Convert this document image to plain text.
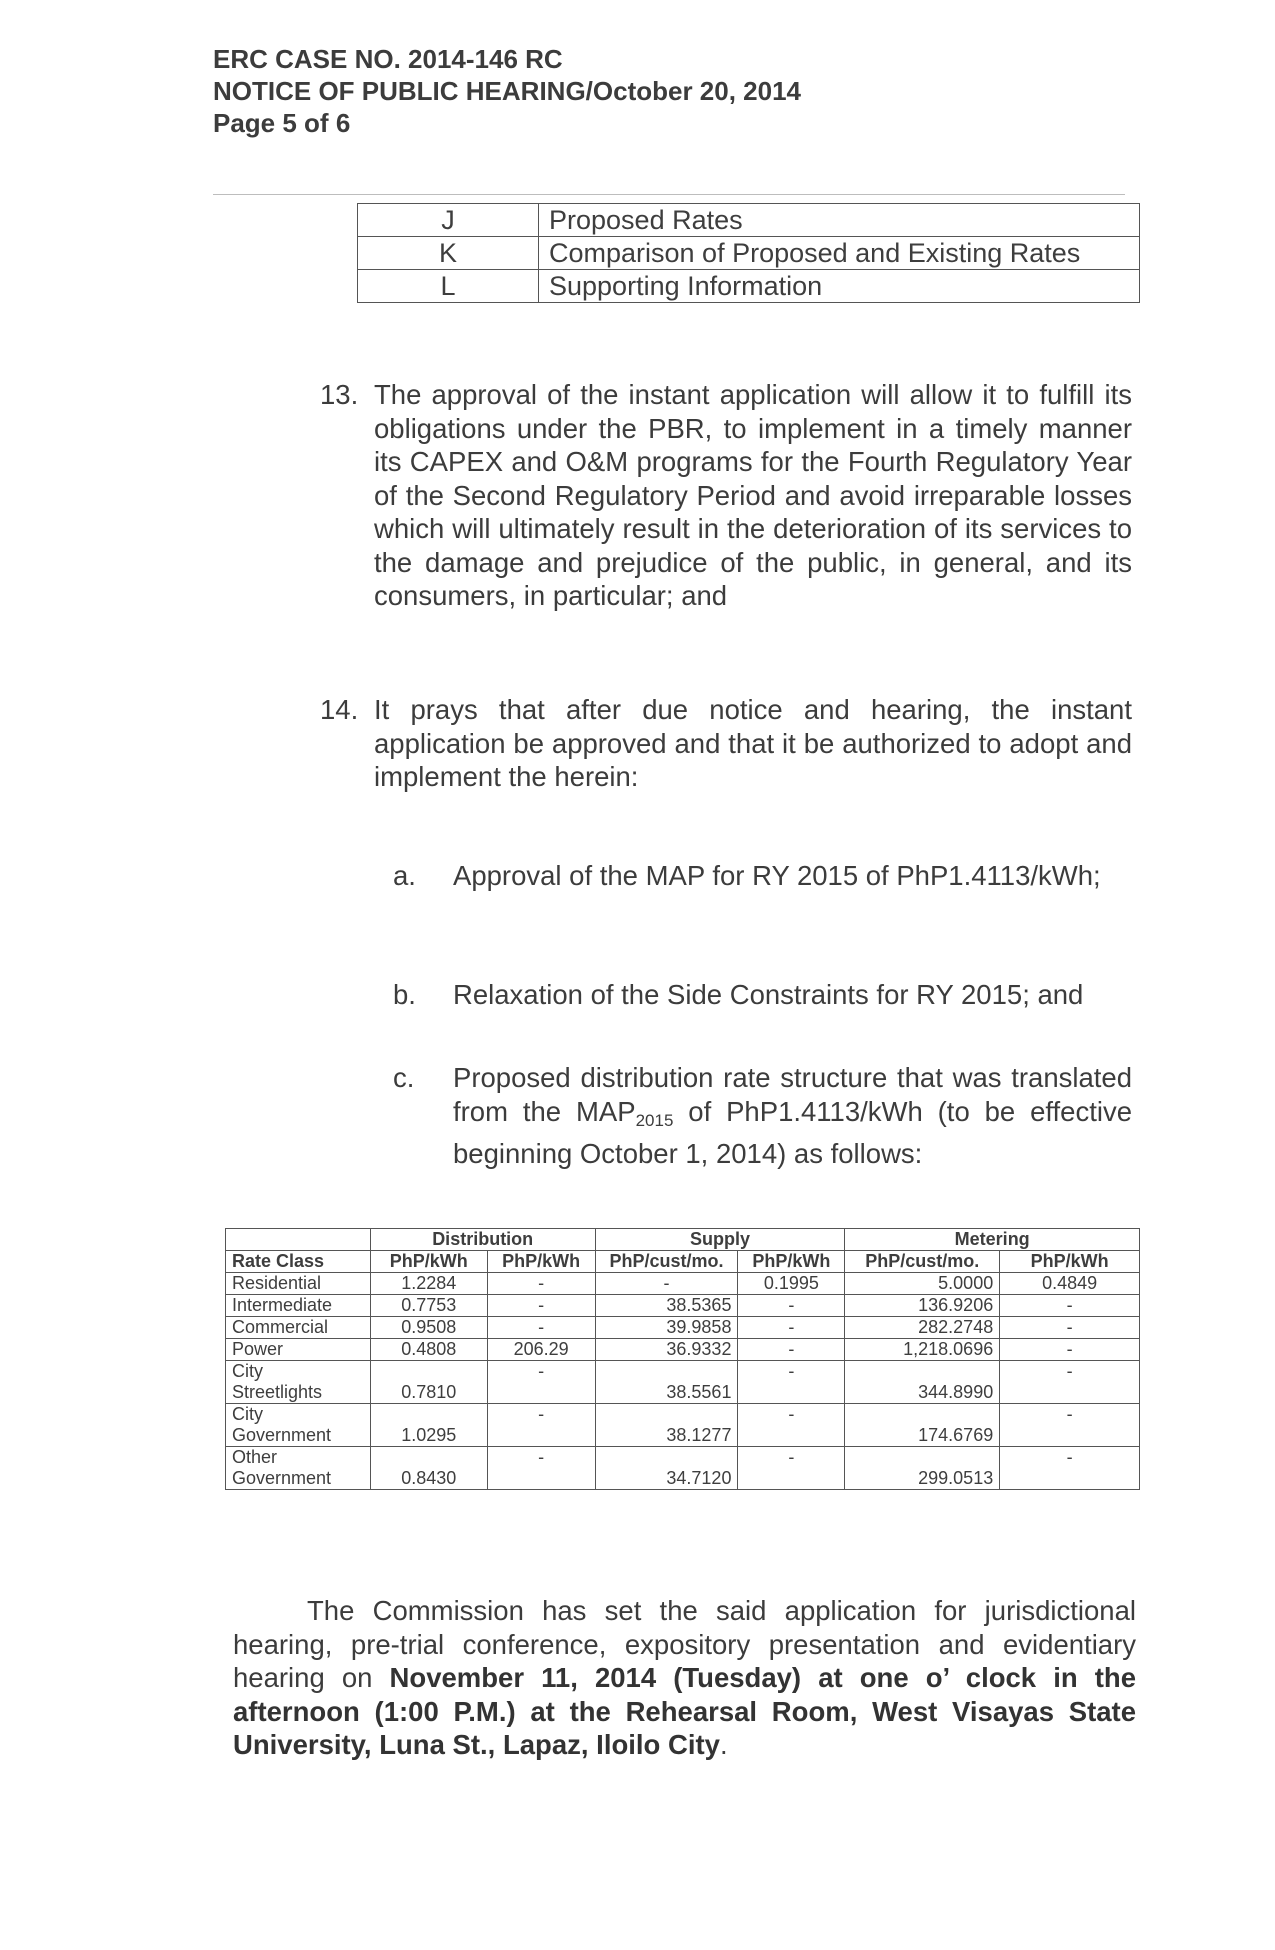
ERC CASE NO. 2014-146 RC
NOTICE OF PUBLIC HEARING/October 20, 2014
Page 5 of 6
J	Proposed Rates
K	Comparison of Proposed and Existing Rates
L	Supporting Information
13. The approval of the instant application will allow it to fulfill its obligations under the PBR, to implement in a timely manner its CAPEX and O&M programs for the Fourth Regulatory Year of the Second Regulatory Period and avoid irreparable losses which will ultimately result in the deterioration of its services to the damage and prejudice of the public, in general, and its consumers, in particular; and
14. It prays that after due notice and hearing, the instant application be approved and that it be authorized to adopt and implement the herein:
a. Approval of the MAP for RY 2015 of PhP1.4113/kWh;
b. Relaxation of the Side Constraints for RY 2015; and
c. Proposed distribution rate structure that was translated from the $MAP_{2015}$ of PhP1.4113/kWh (to be effective beginning October 1, 2014) as follows:
	Distribution		Supply		Metering	
Rate Class	PhP/kWh	PhP/kWh	PhP/cust/mo.	PhP/kWh	PhP/cust/mo.	PhP/kWh
Residential	1.2284	-	-	0.1995	5.0000	0.4849
Intermediate	0.7753	-	38.5365	-	136.9206	-
Commercial	0.9508	-	39.9858	-	282.2748	-
Power	0.4808	206.29	36.9332	-	1,218.0696	-
City
Streetlights	0.7810	-	38.5561	-	344.8990	-
City
Government	1.0295	-	38.1277	-	174.6769	-
Other
Government	0.8430	-	34.7120	-	299.0513	-
The Commission has set the said application for jurisdictional hearing, pre-trial conference, expository presentation and evidentiary hearing on November 11, 2014 (Tuesday) at one o’ clock in the afternoon (1:00 P.M.) at the Rehearsal Room, West Visayas State University, Luna St., Lapaz, Iloilo City.
